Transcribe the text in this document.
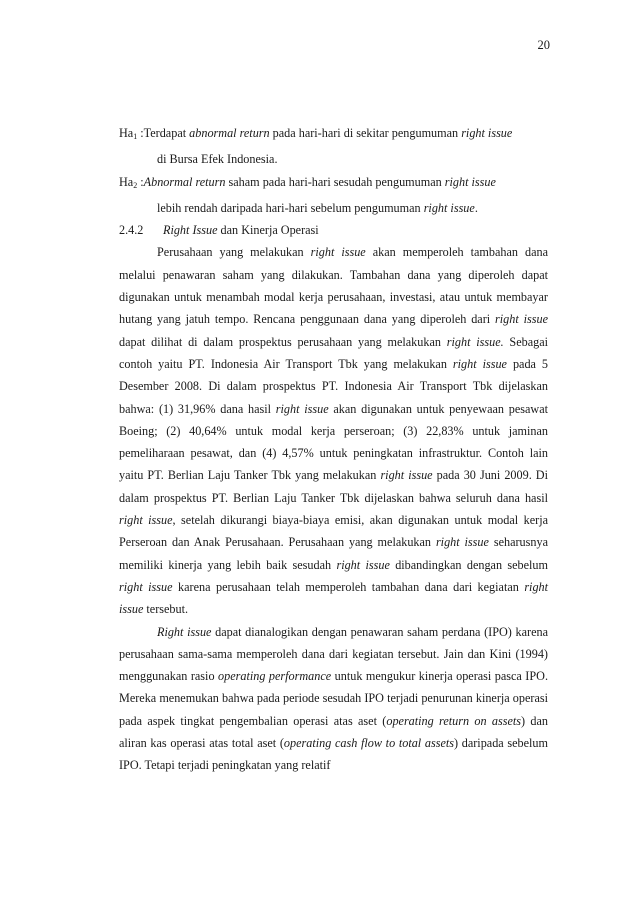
20
$Ha_1$ : Terdapat abnormal return pada hari-hari di sekitar pengumuman right issue
di Bursa Efek Indonesia.
$Ha_2$ : Abnormal return saham pada hari-hari sesudah pengumuman right issue
lebih rendah daripada hari-hari sebelum pengumuman right issue.
2.4.2	Right Issue dan Kinerja Operasi

Perusahaan yang melakukan right issue akan memperoleh tambahan dana melalui penawaran saham yang dilakukan. Tambahan dana yang diperoleh dapat digunakan untuk menambah modal kerja perusahaan, investasi, atau untuk membayar hutang yang jatuh tempo. Rencana penggunaan dana yang diperoleh dari right issue dapat dilihat di dalam prospektus perusahaan yang melakukan right issue. Sebagai contoh yaitu PT. Indonesia Air Transport Tbk yang melakukan right issue pada 5 Desember 2008. Di dalam prospektus PT. Indonesia Air Transport Tbk dijelaskan bahwa: (1) 31,96% dana hasil right issue akan digunakan untuk penyewaan pesawat Boeing; (2) 40,64% untuk modal kerja perseroan; (3) 22,83% untuk jaminan pemeliharaan pesawat, dan (4) 4,57% untuk peningkatan infrastruktur. Contoh lain yaitu PT. Berlian Laju Tanker Tbk yang melakukan right issue pada 30 Juni 2009. Di dalam prospektus PT. Berlian Laju Tanker Tbk dijelaskan bahwa seluruh dana hasil right issue, setelah dikurangi biaya-biaya emisi, akan digunakan untuk modal kerja Perseroan dan Anak Perusahaan. Perusahaan yang melakukan right issue seharusnya memiliki kinerja yang lebih baik sesudah right issue dibandingkan dengan sebelum right issue karena perusahaan telah memperoleh tambahan dana dari kegiatan right issue tersebut.

Right issue dapat dianalogikan dengan penawaran saham perdana (IPO) karena perusahaan sama-sama memperoleh dana dari kegiatan tersebut. Jain dan Kini (1994) menggunakan rasio operating performance untuk mengukur kinerja operasi pasca IPO. Mereka menemukan bahwa pada periode sesudah IPO terjadi penurunan kinerja operasi pada aspek tingkat pengembalian operasi atas aset (operating return on assets) dan aliran kas operasi atas total aset (operating cash flow to total assets) daripada sebelum IPO. Tetapi terjadi peningkatan yang relatif
